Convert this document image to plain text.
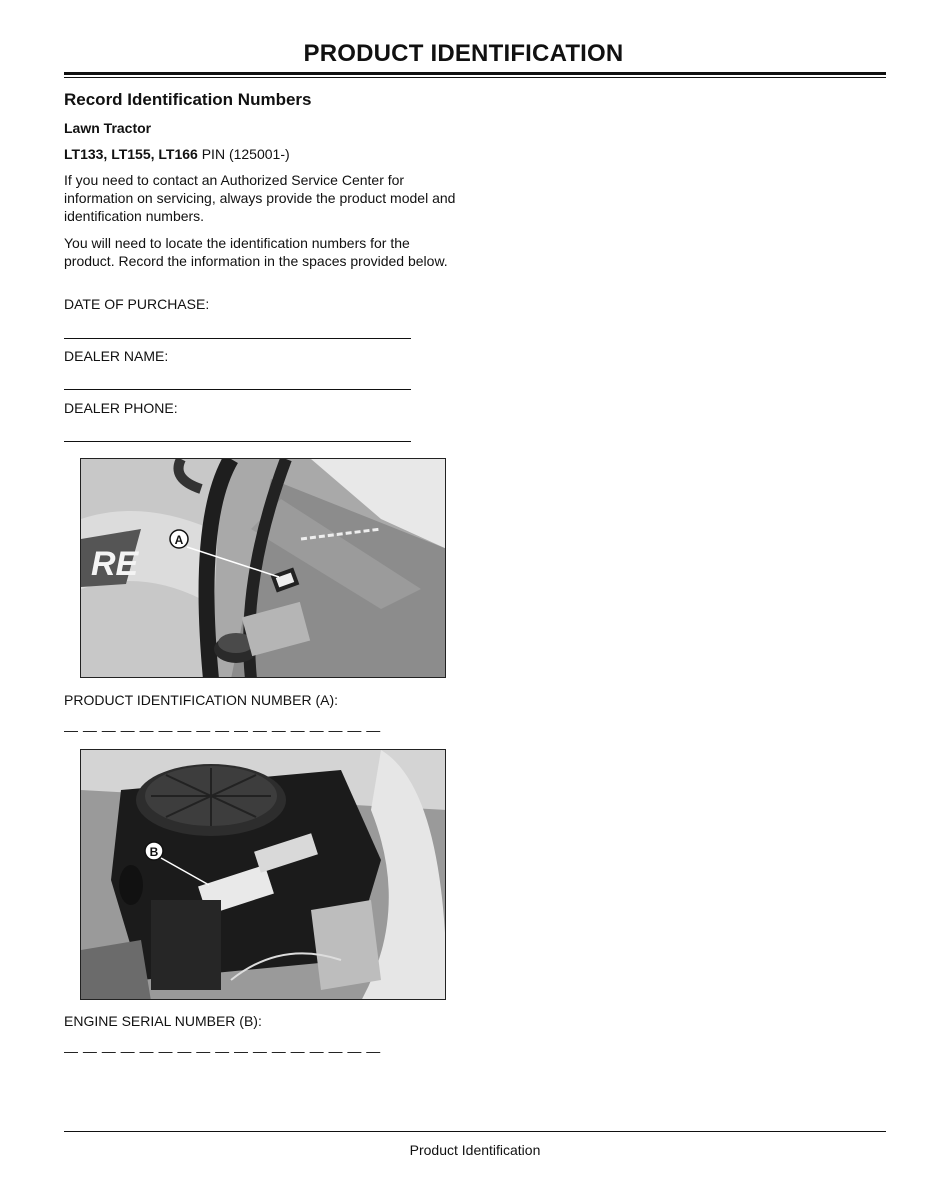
PRODUCT IDENTIFICATION
Record Identification Numbers
Lawn Tractor
LT133, LT155, LT166 PIN (125001-)
If you need to contact an Authorized Service Center for information on servicing, always provide the product model and identification numbers.
You will need to locate the identification numbers for the product. Record the information in the spaces provided below.
DATE OF PURCHASE:
DEALER NAME:
DEALER PHONE:
A
RE
PRODUCT IDENTIFICATION NUMBER (A):
— — — — — — — — — — — — — — — — —
B
ENGINE SERIAL NUMBER (B):
— — — — — — — — — — — — — — — — —
Product Identification
